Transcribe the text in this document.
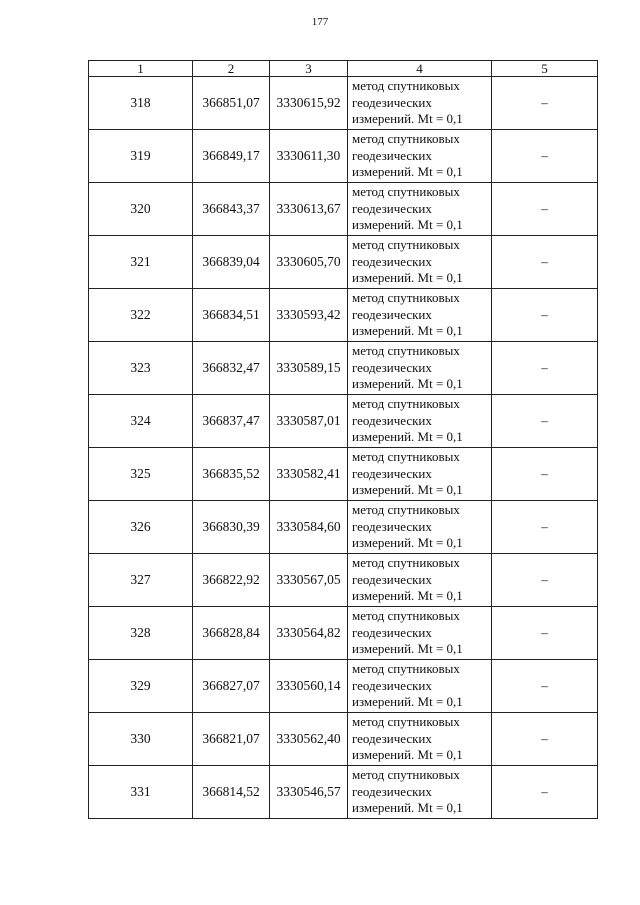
177
1	2	3	4	5
318	366851,07	3330615,92	метод спутниковых
геодезических
измерений. Mt = 0,1	–
319	366849,17	3330611,30	метод спутниковых
геодезических
измерений. Mt = 0,1	–
320	366843,37	3330613,67	метод спутниковых
геодезических
измерений. Mt = 0,1	–
321	366839,04	3330605,70	метод спутниковых
геодезических
измерений. Mt = 0,1	–
322	366834,51	3330593,42	метод спутниковых
геодезических
измерений. Mt = 0,1	–
323	366832,47	3330589,15	метод спутниковых
геодезических
измерений. Mt = 0,1	–
324	366837,47	3330587,01	метод спутниковых
геодезических
измерений. Mt = 0,1	–
325	366835,52	3330582,41	метод спутниковых
геодезических
измерений. Mt = 0,1	–
326	366830,39	3330584,60	метод спутниковых
геодезических
измерений. Mt = 0,1	–
327	366822,92	3330567,05	метод спутниковых
геодезических
измерений. Mt = 0,1	–
328	366828,84	3330564,82	метод спутниковых
геодезических
измерений. Mt = 0,1	–
329	366827,07	3330560,14	метод спутниковых
геодезических
измерений. Mt = 0,1	–
330	366821,07	3330562,40	метод спутниковых
геодезических
измерений. Mt = 0,1	–
331	366814,52	3330546,57	метод спутниковых
геодезических
измерений. Mt = 0,1	–
